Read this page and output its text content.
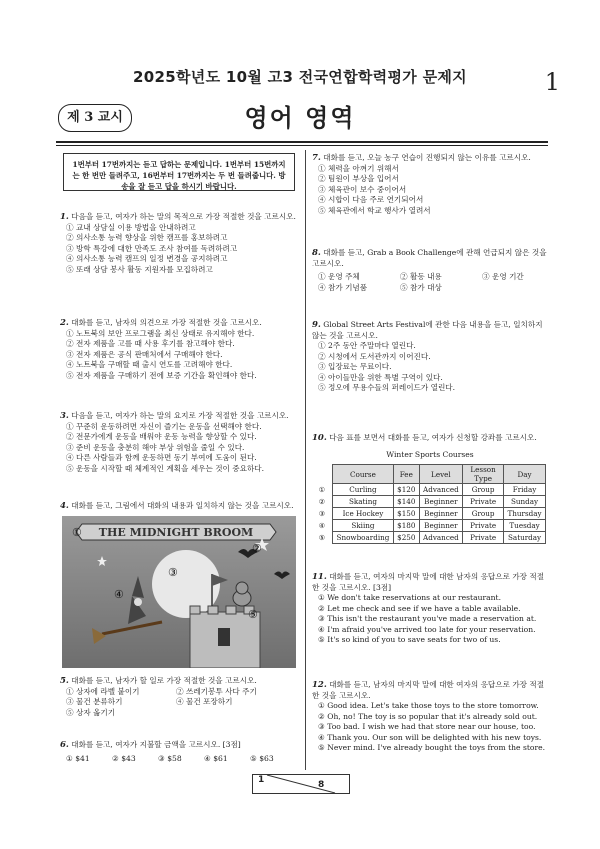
2025학년도 10월 고3 전국연합학력평가 문제지	1
제 3 교시	영어 영역
1번부터 17번까지는 듣고 답하는 문제입니다. 1번부터 15번까지는 한 번만 들려주고, 16번부터 17번까지는 두 번 들려줍니다. 방송을 잘 듣고 답을 하시기 바랍니다.
1. 다음을 듣고, 여자가 하는 말의 목적으로 가장 적절한 것을 고르시오.
① 교내 상담실 이용 방법을 안내하려고
② 의사소통 능력 향상을 위한 캠프를 홍보하려고
③ 방학 특강에 대한 만족도 조사 참여를 독려하려고
④ 의사소통 능력 캠프의 일정 변경을 공지하려고
⑤ 또래 상담 봉사 활동 지원자를 모집하려고
2. 대화를 듣고, 남자의 의견으로 가장 적절한 것을 고르시오.
① 노트북의 보안 프로그램을 최신 상태로 유지해야 한다.
② 전자 제품을 고를 때 사용 후기를 참고해야 한다.
③ 전자 제품은 공식 판매처에서 구매해야 한다.
④ 노트북을 구매할 때 출시 연도를 고려해야 한다.
⑤ 전자 제품을 구매하기 전에 보증 기간을 확인해야 한다.
3. 다음을 듣고, 여자가 하는 말의 요지로 가장 적절한 것을 고르시오.
① 꾸준히 운동하려면 자신이 즐기는 운동을 선택해야 한다.
② 전문가에게 운동을 배워야 운동 능력을 향상할 수 있다.
③ 준비 운동을 충분히 해야 부상 위험을 줄일 수 있다.
④ 다른 사람들과 함께 운동하면 동기 부여에 도움이 된다.
⑤ 운동을 시작할 때 체계적인 계획을 세우는 것이 중요하다.
4. 대화를 듣고, 그림에서 대화의 내용과 일치하지 않는 것을 고르시오.
THE MIDNIGHT BROOM
①
②
③
④
⑤
5. 대화를 듣고, 남자가 할 일로 가장 적절한 것을 고르시오.
① 상자에 라벨 붙이기	② 쓰레기봉투 사다 주기
③ 물건 분류하기	④ 물건 포장하기
⑤ 상자 옮기기
6. 대화를 듣고, 여자가 지불할 금액을 고르시오. [3점]
① $41	② $43	③ $58	④ $61	⑤ $63
7. 대화를 듣고, 오늘 농구 연습이 진행되지 않는 이유를 고르시오.
① 체력을 아껴기 위해서
② 팀원이 부상을 입어서
③ 체육관이 보수 중이어서
④ 시합이 다음 주로 연기되어서
⑤ 체육관에서 학교 행사가 열려서
8. 대화를 듣고, Grab a Book Challenge에 관해 언급되지 않은 것을 고르시오.
① 운영 주체	② 활동 내용	③ 운영 기간
④ 참가 기념품	⑤ 참가 대상
9. Global Street Arts Festival에 관한 다음 내용을 듣고, 일치하지 않는 것을 고르시오.
① 2주 동안 주말마다 열린다.
② 시청에서 도서관까지 이어진다.
③ 입장료는 무료이다.
④ 아이들만을 위한 특별 구역이 있다.
⑤ 정오에 무용수들의 퍼레이드가 열린다.
10. 다음 표를 보면서 대화를 듣고, 여자가 신청할 강좌를 고르시오.
Winter Sports Courses
	Course	Fee	Level	Lesson Type	Day
①	Curling	$120	Advanced	Group	Friday
②	Skating	$140	Beginner	Private	Sunday
③	Ice Hockey	$150	Beginner	Group	Thursday
④	Skiing	$180	Beginner	Private	Tuesday
⑤	Snowboarding	$250	Advanced	Private	Saturday
11. 대화를 듣고, 여자의 마지막 말에 대한 남자의 응답으로 가장 적절한 것을 고르시오. [3점]
① We don't take reservations at our restaurant.
② Let me check and see if we have a table available.
③ This isn't the restaurant you've made a reservation at.
④ I'm afraid you've arrived too late for your reservation.
⑤ It's so kind of you to save seats for two of us.
12. 대화를 듣고, 남자의 마지막 말에 대한 여자의 응답으로 가장 적절한 것을 고르시오.
① Good idea. Let's take those toys to the store tomorrow.
② Oh, no! The toy is so popular that it's already sold out.
③ Too bad. I wish we had that store near our house, too.
④ Thank you. Our son will be delighted with his new toys.
⑤ Never mind. I've already bought the toys from the store.
1	8
